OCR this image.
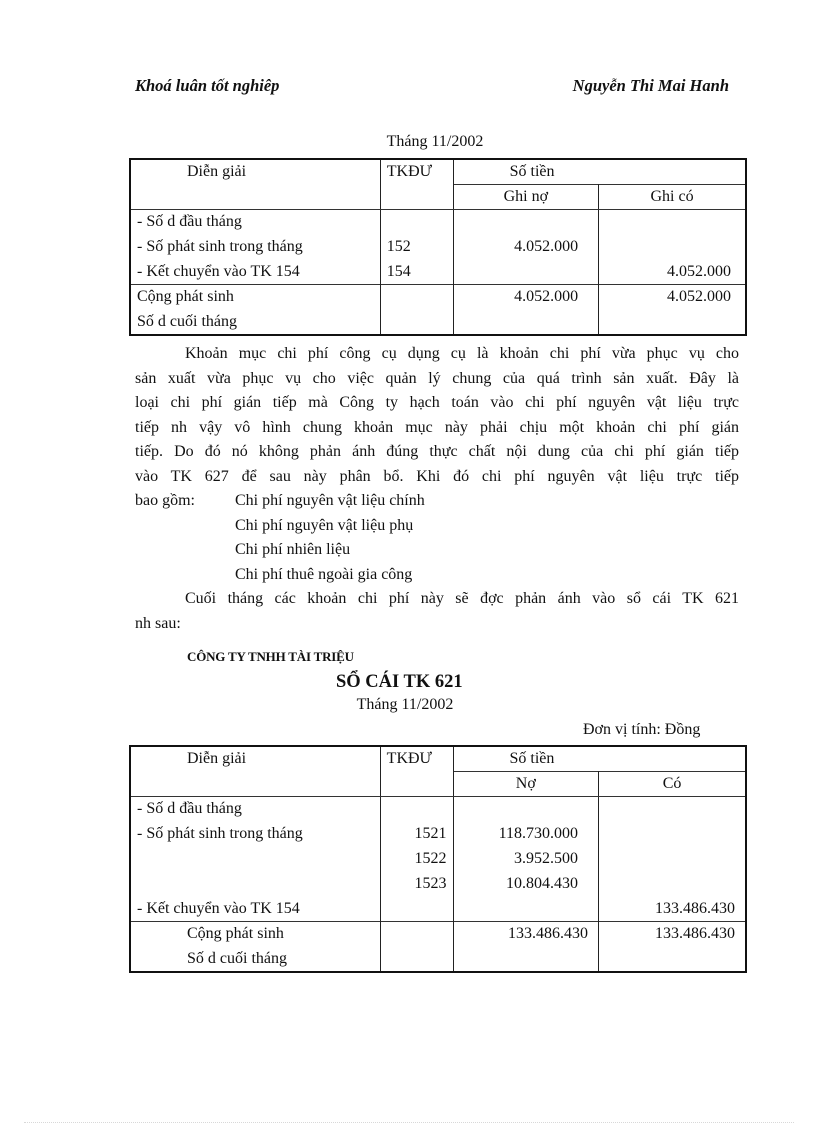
Khoá luân tốt nghiêp	Nguyễn Thi Mai Hanh
Tháng 11/2002
Diễn giải	TKĐƯ	Số tiền	
		Ghi nợ	Ghi có
- Số d đầu tháng			
- Số phát sinh trong tháng	152	4.052.000	
- Kết chuyển vào TK 154	154		4.052.000
Cộng phát sinh		4.052.000	4.052.000
Số d cuối tháng			

Khoản mục chi phí công cụ dụng cụ là khoản chi phí vừa phục vụ cho

sản xuất vừa phục vụ cho việc quản lý chung của quá trình sản xuất. Đây là

loại chi phí gián tiếp mà Công ty hạch toán vào chi phí nguyên vật liệu trực

tiếp nh vậy vô hình chung khoản mục này phải chịu một khoản chi phí gián

tiếp. Do đó nó không phản ánh đúng thực chất nội dung của chi phí gián tiếp

vào TK 627 để sau này phân bổ. Khi đó chi phí nguyên vật liệu trực tiếp

bao gồm:	Chi phí nguyên vật liệu chính
Chi phí nguyên vật liệu phụ
Chi phí nhiên liệu
Chi phí thuê ngoài gia công

Cuối tháng các khoản chi phí này sẽ đợc phản ánh vào sổ cái TK 621

nh sau:

CÔNG TY TNHH TÀI TRIỆU
SỔ CÁI TK 621
Tháng 11/2002
Đơn vị tính: Đồng
Diễn giải	TKĐƯ	Số tiền	
		Nợ	Có
- Số d đầu tháng			
- Số phát sinh trong tháng	1521	118.730.000	
	1522	3.952.500	
	1523	10.804.430	
- Kết chuyển vào TK 154			133.486.430
Cộng phát sinh		133.486.430	133.486.430
Số d cuối tháng			
